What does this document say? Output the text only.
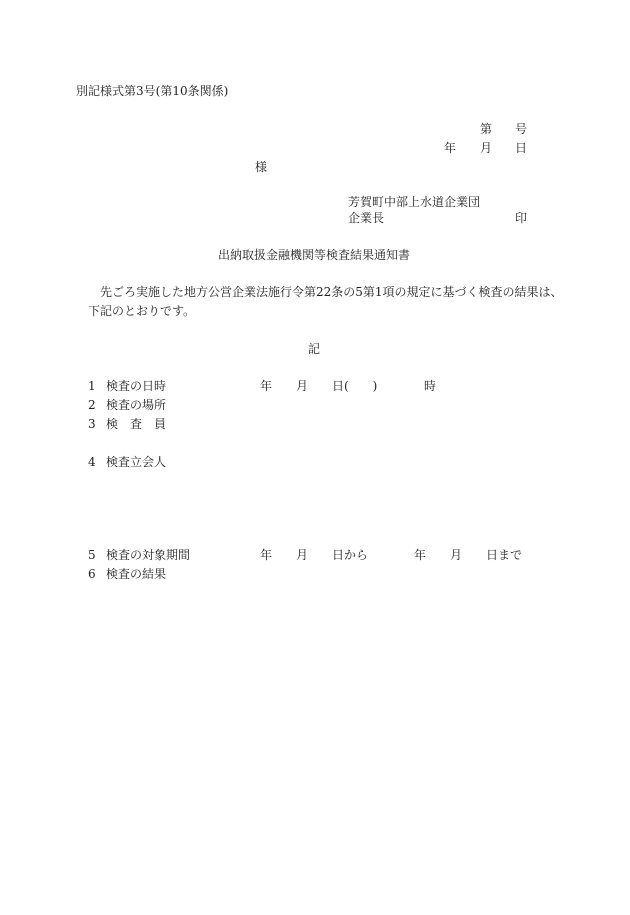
別記様式第3号(第10条関係)
第 号
年 月 日
様
芳賀町中部上水道企業団
企業長	印
出納取扱金融機関等検査結果通知書
先ごろ実施した地方公営企業法施行令第22条の5第1項の規定に基づく検査の結果は、
下記のとおりです。
記
1 検査の日時	年 月 日(　　)	時
2 検査の場所
3 検 査 員
4 検査立会人
5 検査の対象期間	年 月 日から	年 月 日まで
6 検査の結果
